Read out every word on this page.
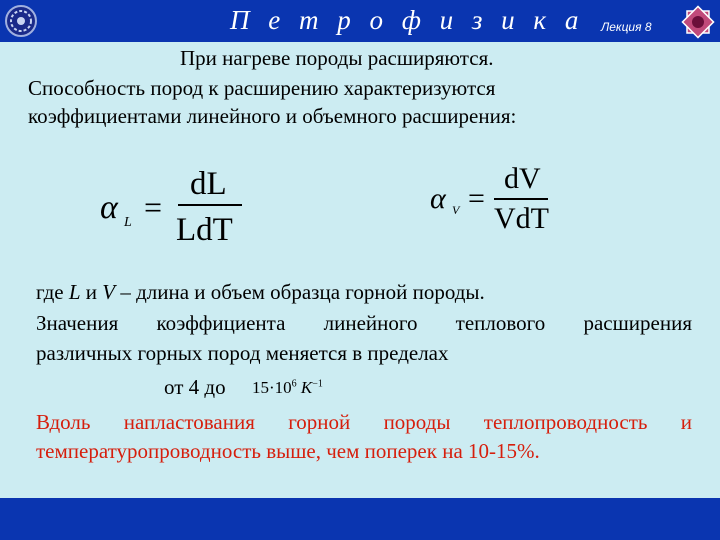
П е т р о ф и з и к а Лекция 8
При нагреве породы расширяются.
Способность пород к расширению характеризуются
коэффициентами линейного и объемного расширения:
α L =
dL
LdT
α V =
dV
VdT
где L и V – длина и объем образца горной породы.
Значения коэффициента линейного теплового расширения
различных горных пород меняется в пределах
от 4 до $15\cdot 10^6$ $K^{-1}$
Вдоль напластования горной породы теплопроводность и
температуропроводность выше, чем поперек на 10-15%.
